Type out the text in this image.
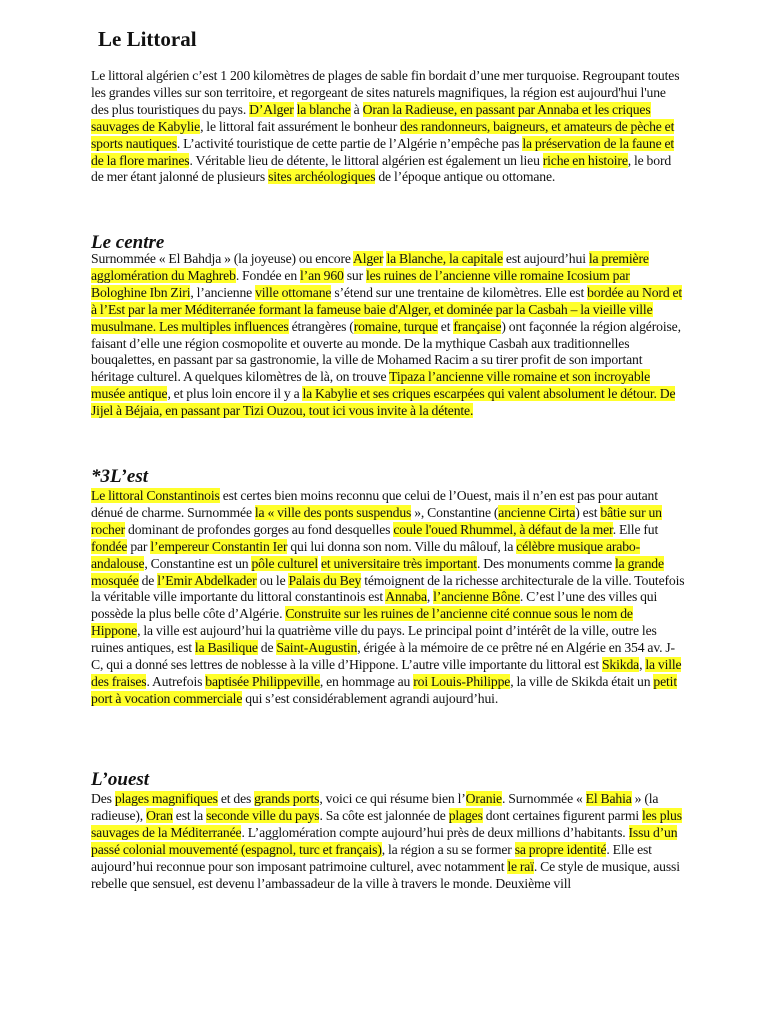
Le Littoral

Le littoral algérien c’est 1 200 kilomètres de plages de sable fin bordait d’une mer turquoise. Regroupant toutes les grandes villes sur son territoire, et regorgeant de sites naturels magnifiques, la région est aujourd'hui l'une des plus touristiques du pays. D’Alger la blanche à Oran la Radieuse, en passant par Annaba et les criques sauvages de Kabylie, le littoral fait assurément le bonheur des randonneurs, baigneurs, et amateurs de pèche et sports nautiques. L’activité touristique de cette partie de l’Algérie n’empêche pas la préservation de la faune et de la flore marines. Véritable lieu de détente, le littoral algérien est également un lieu riche en histoire, le bord de mer étant jalonné de plusieurs sites archéologiques de l’époque antique ou ottomane.

Le centre

Surnommée « El Bahdja » (la joyeuse) ou encore Alger la Blanche, la capitale est aujourd’hui la première agglomération du Maghreb. Fondée en l’an 960 sur les ruines de l’ancienne ville romaine Icosium par Bologhine Ibn Ziri, l’ancienne ville ottomane s’étend sur une trentaine de kilomètres. Elle est bordée au Nord et à l’Est par la mer Méditerranée formant la fameuse baie d'Alger, et dominée par la Casbah – la vieille ville musulmane. Les multiples influences étrangères (romaine, turque et française) ont façonnée la région algéroise, faisant d’elle une région cosmopolite et ouverte au monde. De la mythique Casbah aux traditionnelles bouqalettes, en passant par sa gastronomie, la ville de Mohamed Racim a su tirer profit de son important héritage culturel. A quelques kilomètres de là, on trouve Tipaza l’ancienne ville romaine et son incroyable musée antique, et plus loin encore il y a la Kabylie et ses criques escarpées qui valent absolument le détour. De Jijel à Béjaia, en passant par Tizi Ouzou, tout ici vous invite à la détente.

*3L’est

Le littoral Constantinois est certes bien moins reconnu que celui de l’Ouest, mais il n’en est pas pour autant dénué de charme. Surnommée la « ville des ponts suspendus », Constantine (ancienne Cirta) est bâtie sur un rocher dominant de profondes gorges au fond desquelles coule l'oued Rhummel, à défaut de la mer. Elle fut fondée par l’empereur Constantin Ier qui lui donna son nom. Ville du mâlouf, la célèbre musique arabo-andalouse, Constantine est un pôle culturel et universitaire très important. Des monuments comme la grande mosquée de l’Emir Abdelkader ou le Palais du Bey témoignent de la richesse architecturale de la ville. Toutefois la véritable ville importante du littoral constantinois est Annaba, l’ancienne Bône. C’est l’une des villes qui possède la plus belle côte d’Algérie. Construite sur les ruines de l’ancienne cité connue sous le nom de Hippone, la ville est aujourd’hui la quatrième ville du pays. Le principal point d’intérêt de la ville, outre les ruines antiques, est la Basilique de Saint-Augustin, érigée à la mémoire de ce prêtre né en Algérie en 354 av. J-C, qui a donné ses lettres de noblesse à la ville d’Hippone. L’autre ville importante du littoral est Skikda, la ville des fraises. Autrefois baptisée Philippeville, en hommage au roi Louis-Philippe, la ville de Skikda était un petit port à vocation commerciale qui s’est considérablement agrandi aujourd’hui.

L’ouest

Des plages magnifiques et des grands ports, voici ce qui résume bien l’Oranie. Surnommée « El Bahia » (la radieuse), Oran est la seconde ville du pays. Sa côte est jalonnée de plages dont certaines figurent parmi les plus sauvages de la Méditerranée. L’agglomération compte aujourd’hui près de deux millions d’habitants. Issu d’un passé colonial mouvementé (espagnol, turc et français), la région a su se former sa propre identité. Elle est aujourd’hui reconnue pour son imposant patrimoine culturel, avec notamment le raï. Ce style de musique, aussi rebelle que sensuel, est devenu l’ambassadeur de la ville à travers le monde. Deuxième vill
